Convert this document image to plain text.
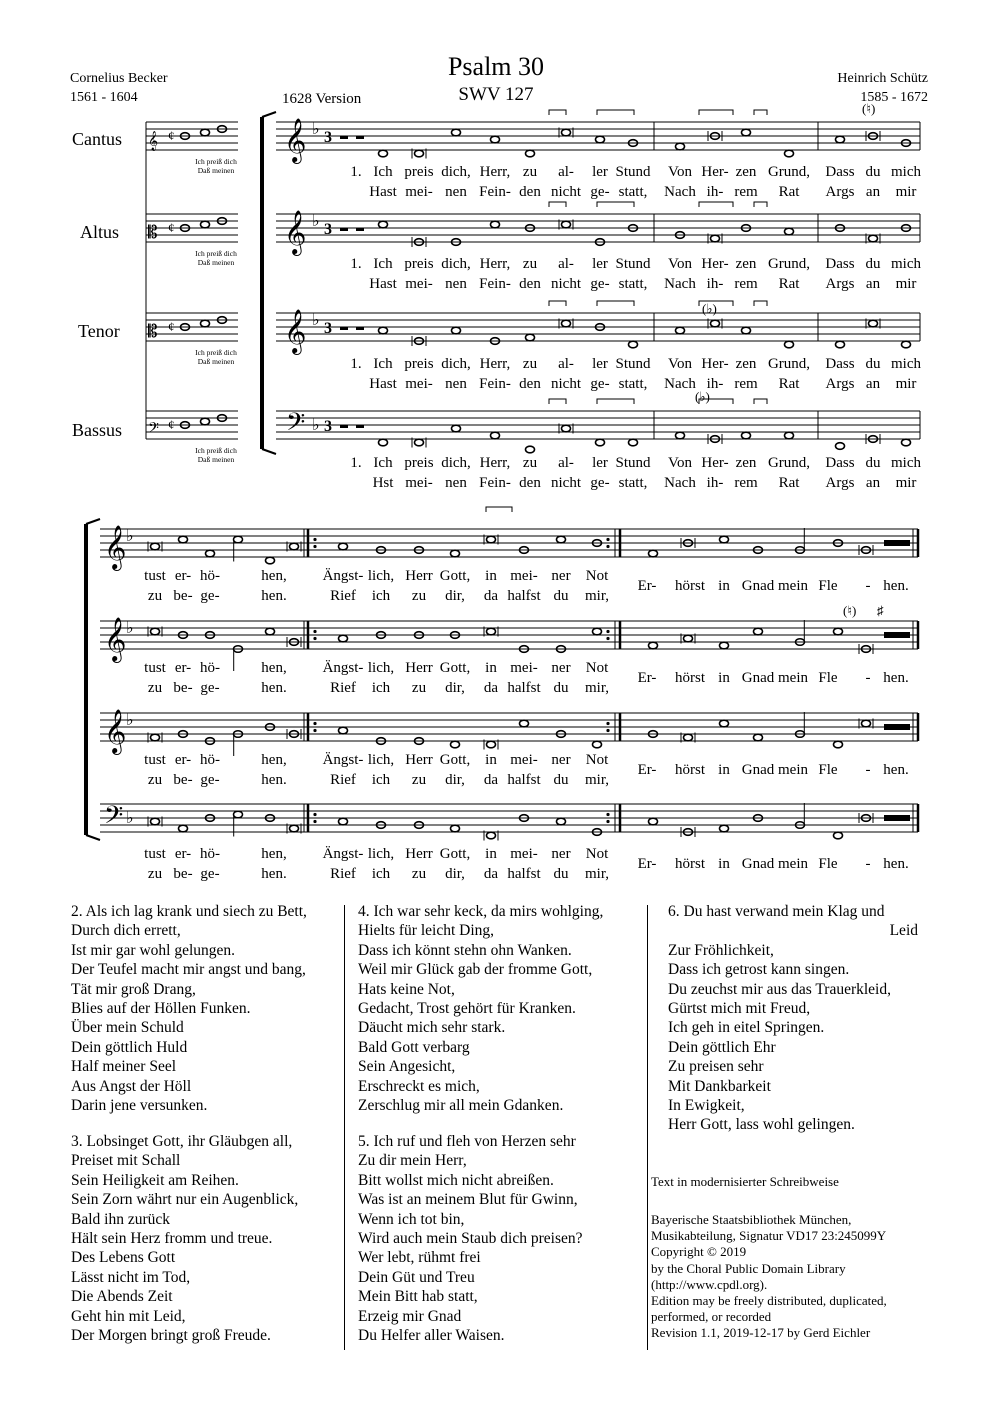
Psalm 30
SWV 127
Cornelius Becker
1561 - 1604	1628 Version
Heinrich Schütz
1585 - 1672
Cantus
Altus
Tenor
Bassus
𝄞 ¢
Ich preiß dich
Daß meinen
𝄞 ♭ 3
𝄡 ¢
Ich preiß dich
Daß meinen
𝄞 ♭ 3
𝄡 ¢
Ich preiß dich
Daß meinen
𝄞 ♭ 3
𝄢 ¢
Ich preiß dich
Daß meinen
𝄢 ♭ 3
(♮)
(♭)
(♭)
𝄞 ♭
𝄞 ♭
𝄞 ♭
𝄢 ♭
(♮) ♯
1. Ich preis dich, Herr, zu	al-	ler Stund	Von Her- zen Grund,	Dass du mich
Hast mei- nen Fein- den nicht ge- statt,	Nach ih- rem	Rat	Args an	mir
1. Ich preis dich, Herr, zu	al-	ler Stund	Von Her- zen Grund,	Dass du mich
Hast mei- nen Fein- den nicht ge- statt,	Nach ih- rem	Rat	Args an	mir
1. Ich preis dich, Herr, zu	al-	ler Stund	Von Her- zen Grund,	Dass du mich
Hast mei- nen Fein- den nicht ge- statt,	Nach ih- rem	Rat	Args an	mir
1. Ich preis dich, Herr, zu	al-	ler Stund	Von Her- zen Grund,	Dass du mich
Hst mei- nen Fein- den nicht ge- statt,	Nach ih- rem	Rat	Args an	mir
tust er- hö-	hen,	Ängst- lich, Herr Gott, in mei- ner	Not
zu be- ge-	hen.	Rief	ich	zu	dir,	da halfst du	mir,
Er-	hörst in Gnad mein Fle	- hen.
tust er- hö-	hen,	Ängst- lich, Herr Gott, in mei- ner	Not
zu be- ge-	hen.	Rief	ich	zu	dir,	da halfst du	mir,
Er-	hörst in Gnad mein Fle	- hen.
tust er- hö-	hen,	Ängst- lich, Herr Gott, in mei- ner	Not
zu be- ge-	hen.	Rief	ich	zu	dir,	da halfst du	mir,
Er-	hörst in Gnad mein Fle	- hen.
tust er- hö-	hen,	Ängst- lich, Herr Gott, in mei- ner	Not
zu be- ge-	hen.	Rief	ich	zu	dir,	da halfst du	mir,
Er-	hörst in Gnad mein Fle	- hen.
2. Als ich lag krank und siech zu Bett,
Durch dich errett,
Ist mir gar wohl gelungen.
Der Teufel macht mir angst und bang,
Tät mir groß Drang,
Blies auf der Höllen Funken.
Über mein Schuld
Dein göttlich Huld
Half meiner Seel
Aus Angst der Höll
Darin jene versunken.
3. Lobsinget Gott, ihr Gläubgen all,
Preiset mit Schall
Sein Heiligkeit am Reihen.
Sein Zorn währt nur ein Augenblick,
Bald ihn zurück
Hält sein Herz fromm und treue.
Des Lebens Gott
Lässt nicht im Tod,
Die Abends Zeit
Geht hin mit Leid,
Der Morgen bringt groß Freude.
4. Ich war sehr keck, da mirs wohlging,
Hielts für leicht Ding,
Dass ich könnt stehn ohn Wanken.
Weil mir Glück gab der fromme Gott,
Hats keine Not,
Gedacht, Trost gehört für Kranken.
Däucht mich sehr stark.
Bald Gott verbarg
Sein Angesicht,
Erschreckt es mich,
Zerschlug mir all mein Gdanken.
5. Ich ruf und fleh von Herzen sehr
Zu dir mein Herr,
Bitt wollst mich nicht abreißen.
Was ist an meinem Blut für Gwinn,
Wenn ich tot bin,
Wird auch mein Staub dich preisen?
Wer lebt, rühmt frei
Dein Güt und Treu
Mein Bitt hab statt,
Erzeig mir Gnad
Du Helfer aller Waisen.
6. Du hast verwand mein Klag und
Leid
Zur Fröhlichkeit,
Dass ich getrost kann singen.
Du zeuchst mir aus das Trauerkleid,
Gürtst mich mit Freud,
Ich geh in eitel Springen.
Dein göttlich Ehr
Zu preisen sehr
Mit Dankbarkeit
In Ewigkeit,
Herr Gott, lass wohl gelingen.
Text in modernisierter Schreibweise
Bayerische Staatsbibliothek München,
Musikabteilung, Signatur VD17 23:245099Y
Copyright © 2019
by the Choral Public Domain Library
(http://www.cpdl.org).
Edition may be freely distributed, duplicated,
performed, or recorded
Revision 1.1, 2019-12-17 by Gerd Eichler
